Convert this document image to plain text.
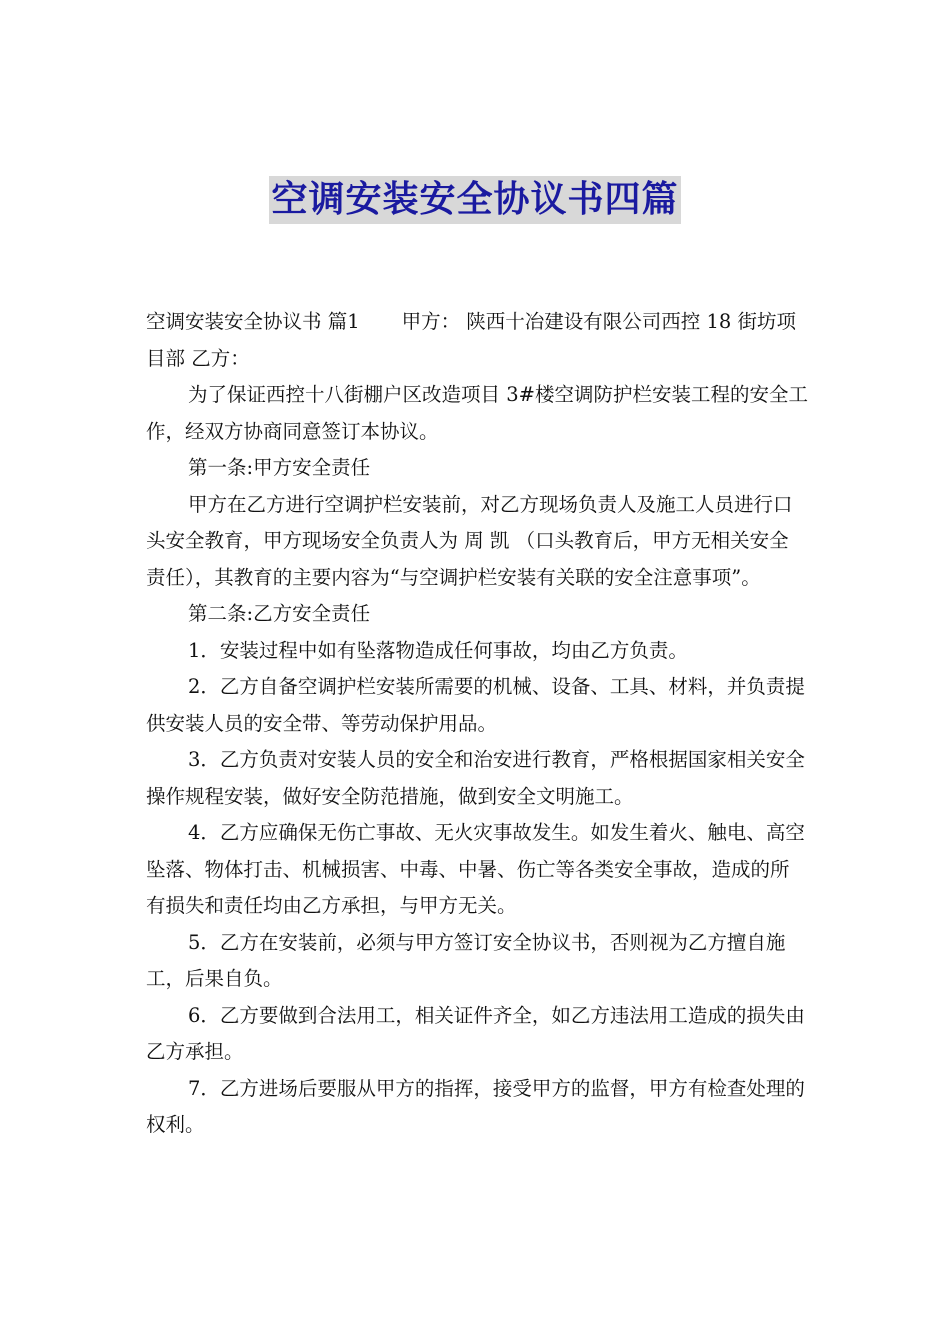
空调安装安全协议书四篇

空调安装安全协议书 篇1 甲方： 陕西十冶建设有限公司西控 18 街坊项目部 乙方：

为了保证西控十八街棚户区改造项目 3#楼空调防护栏安装工程的安全工作，经双方协商同意签订本协议。

第一条:甲方安全责任

甲方在乙方进行空调护栏安装前，对乙方现场负责人及施工人员进行口头安全教育，甲方现场安全负责人为 周 凯 （口头教育后，甲方无相关安全责任），其教育的主要内容为“与空调护栏安装有关联的安全注意事项”。

第二条:乙方安全责任

1．安装过程中如有坠落物造成任何事故，均由乙方负责。

2．乙方自备空调护栏安装所需要的机械、设备、工具、材料，并负责提供安装人员的安全带、等劳动保护用品。

3．乙方负责对安装人员的安全和治安进行教育，严格根据国家相关安全操作规程安装，做好安全防范措施，做到安全文明施工。

4．乙方应确保无伤亡事故、无火灾事故发生。如发生着火、触电、高空坠落、物体打击、机械损害、中毒、中暑、伤亡等各类安全事故，造成的所有损失和责任均由乙方承担，与甲方无关。

5．乙方在安装前，必须与甲方签订安全协议书，否则视为乙方擅自施工，后果自负。

6．乙方要做到合法用工，相关证件齐全，如乙方违法用工造成的损失由乙方承担。

7．乙方进场后要服从甲方的指挥，接受甲方的监督，甲方有检查处理的权利。
